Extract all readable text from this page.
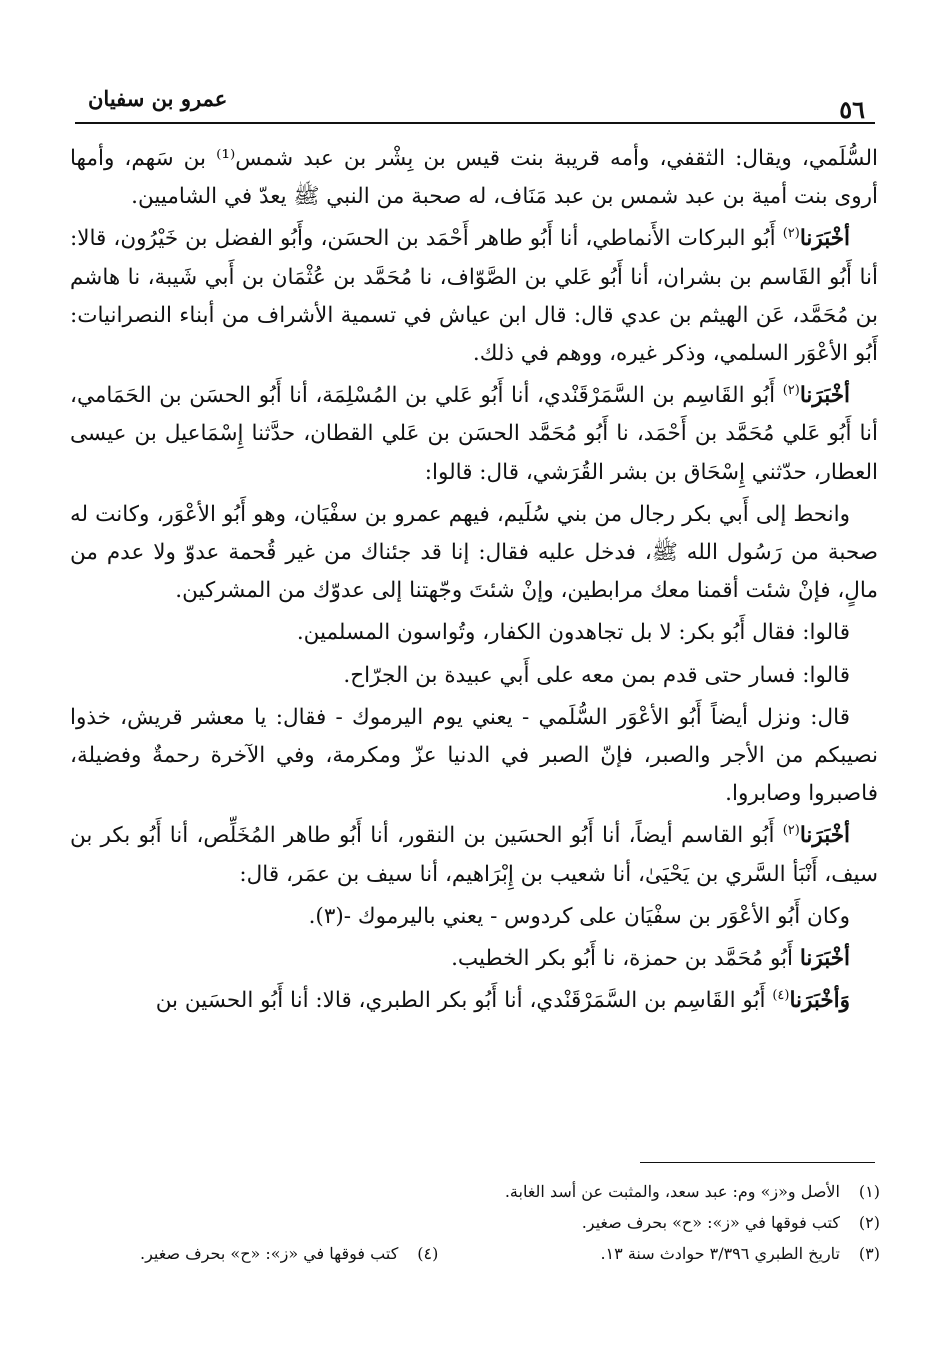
٥٦
عمرو بن سفيان

السُّلَمي، ويقال: الثقفي، وأمه قريبة بنت قيس بن بِشْر بن عبد شمس⁽¹⁾ بن سَهم، وأمها أروى بنت أمية بن عبد شمس بن عبد مَنَاف، له صحبة من النبي ﷺ يعدّ في الشاميين.

أخْبَرَنا$^{(٢)}$ أَبُو البركات الأَنماطي، أنا أَبُو طاهر أَحْمَد بن الحسَن، وأَبُو الفضل بن خَيْرُون، قالا: أنا أَبُو القَاسم بن بشران، أنا أَبُو عَلي بن الصَّوّاف، نا مُحَمَّد بن عُثْمَان بن أَبي شَيبة، نا هاشم بن مُحَمَّد، عَن الهيثم بن عدي قال: قال ابن عياش في تسمية الأشراف من أبناء النصرانيات: أَبُو الأعْوَر السلمي، وذكر غيره، ووهم في ذلك.

أخْبَرَنا$^{(٢)}$ أَبُو القَاسِم بن السَّمَرْقَنْدي، أنا أَبُو عَلي بن المُسْلِمَة، أنا أَبُو الحسَن بن الحَمَامي، أنا أَبُو عَلي مُحَمَّد بن أَحْمَد، نا أَبُو مُحَمَّد الحسَن بن عَلي القطان، حدَّثنا إِسْمَاعيل بن عيسى العطار، حدّثني إِسْحَاق بن بشر القُرَشي، قال: قالوا:

وانحط إلى أَبي بكر رجال من بني سُلَيم، فيهم عمرو بن سفْيَان، وهو أَبُو الأعْوَر، وكانت له صحبة من رَسُول الله ﷺ، فدخل عليه فقال: إنا قد جئناك من غير قُحمة عدوّ ولا عدم من مالٍ، فإنْ شئت أقمنا معك مرابطين، وإنْ شئتَ وجّهتنا إلى عدوّك من المشركين.

قالوا: فقال أَبُو بكر: لا بل تجاهدون الكفار، وتُواسون المسلمين.

قالوا: فسار حتى قدم بمن معه على أَبي عبيدة بن الجرّاح.

قال: ونزل أيضاً أَبُو الأعْوَر السُّلَمي - يعني يوم اليرموك - فقال: يا معشر قريش، خذوا نصيبكم من الأجر والصبر، فإنّ الصبر في الدنيا عزّ ومكرمة، وفي الآخرة رحمةٌ وفضيلة، فاصبروا وصابروا.

أخْبَرَنا$^{(٢)}$ أَبُو القاسم أيضاً، أنا أَبُو الحسَين بن النقور، أنا أَبُو طاهر المُخَلِّص، أنا أَبُو بكر بن سيف، أَنْبَأ السَّري بن يَحْيَىٰ، أنا شعيب بن إِبْرَاهيم، أنا سيف بن عمَر، قال:

وكان أَبُو الأعْوَر بن سفْيَان على كردوس - يعني باليرموك -(٣).

أخْبَرَنا أَبُو مُحَمَّد بن حمزة، نا أَبُو بكر الخطيب.

وَأخْبَرَنا$^{(٤)}$ أَبُو القَاسِم بن السَّمَرْقَنْدي، أنا أَبُو بكر الطبري، قالا: أنا أَبُو الحسَين بن

(١)
الأصل و«ز» وم: عبد سعد، والمثبت عن أسد الغابة.
(٢)
كتب فوقها في «ز»: «ح» بحرف صغير.
(٣)
تاريخ الطبري ٣/٣٩٦ حوادث سنة ١٣.
(٤)
كتب فوقها في «ز»: «ح» بحرف صغير.
